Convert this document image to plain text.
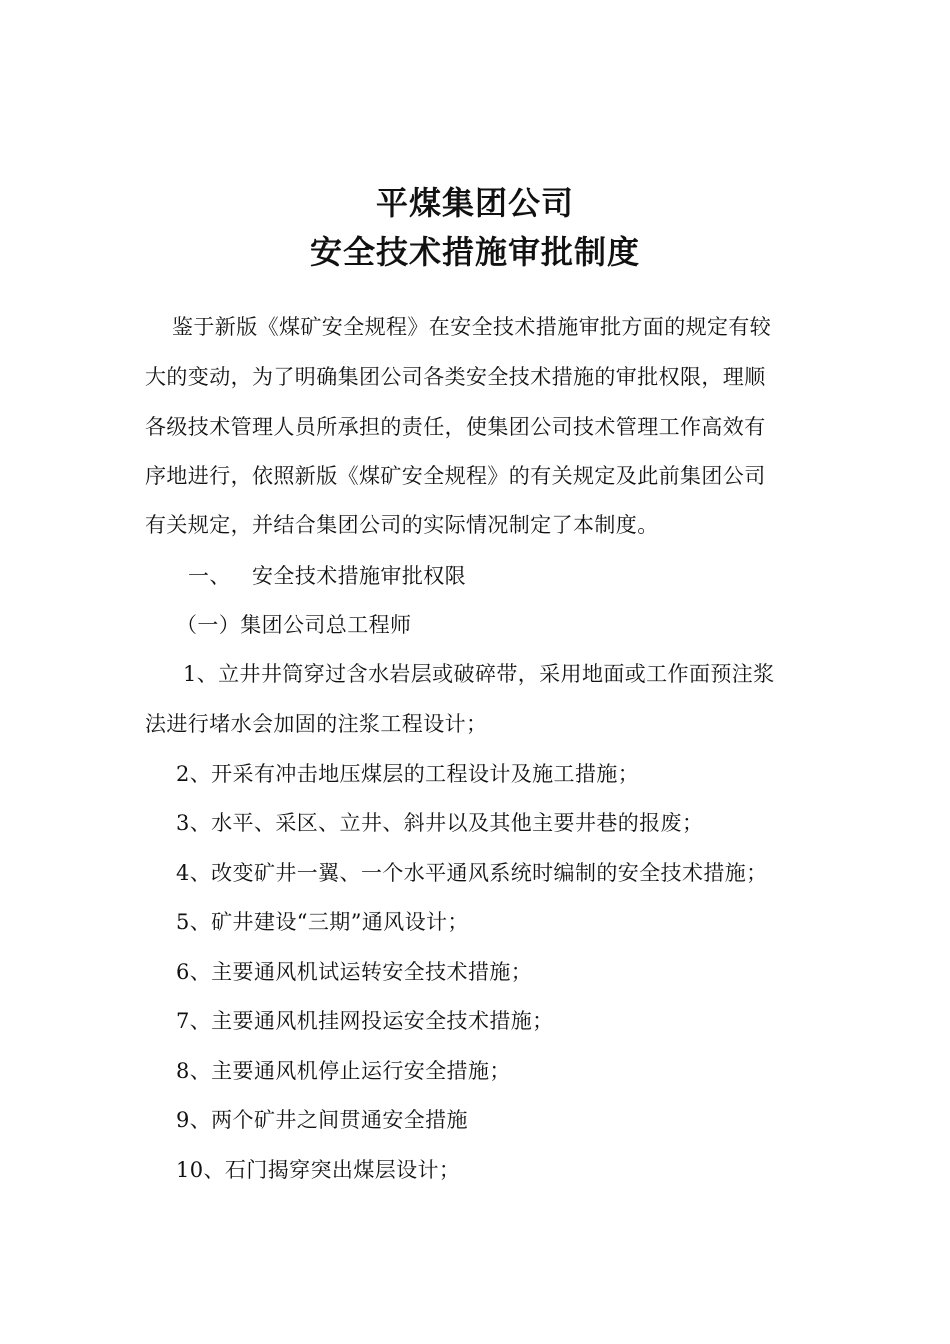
平煤集团公司
安全技术措施审批制度
鉴于新版《煤矿安全规程》在安全技术措施审批方面的规定有较
大的变动，为了明确集团公司各类安全技术措施的审批权限，理顺
各级技术管理人员所承担的责任，使集团公司技术管理工作高效有
序地进行，依照新版《煤矿安全规程》的有关规定及此前集团公司
有关规定，并结合集团公司的实际情况制定了本制度。
一、   安全技术措施审批权限
（一）集团公司总工程师
1、立井井筒穿过含水岩层或破碎带，采用地面或工作面预注浆
法进行堵水会加固的注浆工程设计；
2、开采有冲击地压煤层的工程设计及施工措施；
3、水平、采区、立井、斜井以及其他主要井巷的报废；
4、改变矿井一翼、一个水平通风系统时编制的安全技术措施；
5、矿井建设“三期”通风设计；
6、主要通风机试运转安全技术措施；
7、主要通风机挂网投运安全技术措施；
8、主要通风机停止运行安全措施；
9、两个矿井之间贯通安全措施
10、石门揭穿突出煤层设计；
